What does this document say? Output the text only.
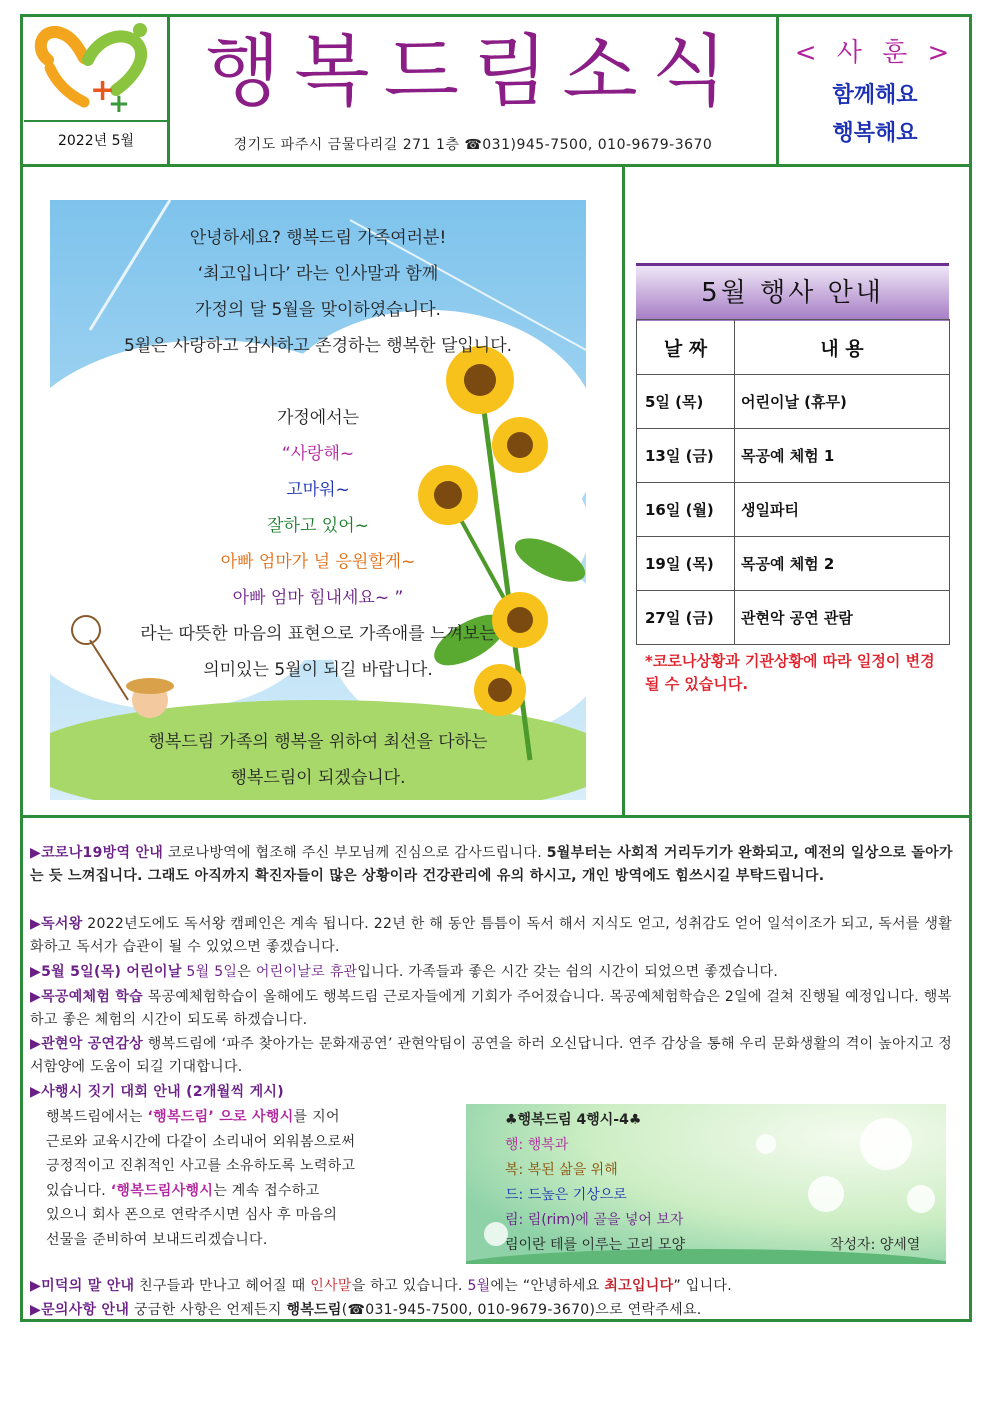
+
+ 행복드림소식
2022년 5월	경기도 파주시 금물다리길 271 1층 ☎031)945-7500, 010-9679-3670
< 사 훈 >
함께해요
행복해요

안녕하세요? 행복드림 가족여러분!

‘최고입니다’ 라는 인사말과 함께

가정의 달 5월을 맞이하였습니다.

5월은 사랑하고 감사하고 존경하는 행복한 달입니다.

가정에서는

“사랑해~

고마워~

잘하고 있어~

아빠 엄마가 널 응원할게~

아빠 엄마 힘내세요~ ”

라는 따뜻한 마음의 표현으로 가족애를 느껴보는

의미있는 5월이 되길 바랍니다.

행복드림 가족의 행복을 위하여 최선을 다하는

행복드림이 되겠습니다.

5월 행사 안내
날 짜	내 용
5일 (목)	어린이날 (휴무)
13일 (금)	목공예 체험 1
16일 (월)	생일파티
19일 (목)	목공예 체험 2
27일 (금)	관현악 공연 관람
*코로나상황과 기관상황에 따라 일정이 변경될 수 있습니다.
▶코로나19방역 안내 코로나방역에 협조해 주신 부모님께 진심으로 감사드립니다. 5월부터는 사회적 거리두기가 완화되고, 예전의 일상으로 돌아가는 듯 느껴집니다. 그래도 아직까지 확진자들이 많은 상황이라 건강관리에 유의 하시고, 개인 방역에도 힘쓰시길 부탁드립니다.
▶독서왕 2022년도에도 독서왕 캠페인은 계속 됩니다. 22년 한 해 동안 틈틈이 독서 해서 지식도 얻고, 성취감도 얻어 일석이조가 되고, 독서를 생활화하고 독서가 습관이 될 수 있었으면 좋겠습니다.
▶5월 5일(목) 어린이날 5월 5일은 어린이날로 휴관입니다. 가족들과 좋은 시간 갖는 쉼의 시간이 되었으면 좋겠습니다.
▶목공예체험 학습 목공예체험학습이 올해에도 행복드림 근로자들에게 기회가 주어졌습니다. 목공예체험학습은 2일에 걸쳐 진행될 예정입니다. 행복하고 좋은 체험의 시간이 되도록 하겠습니다.
▶관현악 공연감상 행복드림에 ‘파주 찾아가는 문화재공연’ 관현악팀이 공연을 하러 오신답니다. 연주 감상을 통해 우리 문화생활의 격이 높아지고 정서함양에 도움이 되길 기대합니다.
▶사행시 짓기 대회 안내 (2개월씩 게시)
행복드림에서는 ‘행복드림’ 으로 사행시를 지어
근로와 교육시간에 다같이 소리내어 외워봄으로써
긍정적이고 진취적인 사고를 소유하도록 노력하고
있습니다. ‘행복드림사행시는 계속 접수하고
있으니 회사 폰으로 연락주시면 심사 후 마음의
선물을 준비하여 보내드리겠습니다.
♣행복드림 4행시-4♣
행: 행복과
복: 복된 삶을 위해
드: 드높은 기상으로
림: 림(rim)에 골을 넣어 보자
림이란 테를 이루는 고리 모양	작성자: 양세열
▶미덕의 말 안내 친구들과 만나고 헤어질 때 인사말을 하고 있습니다. 5월에는 “안녕하세요 최고입니다” 입니다.
▶문의사항 안내 궁금한 사항은 언제든지 행복드림(☎031-945-7500, 010-9679-3670)으로 연락주세요.
